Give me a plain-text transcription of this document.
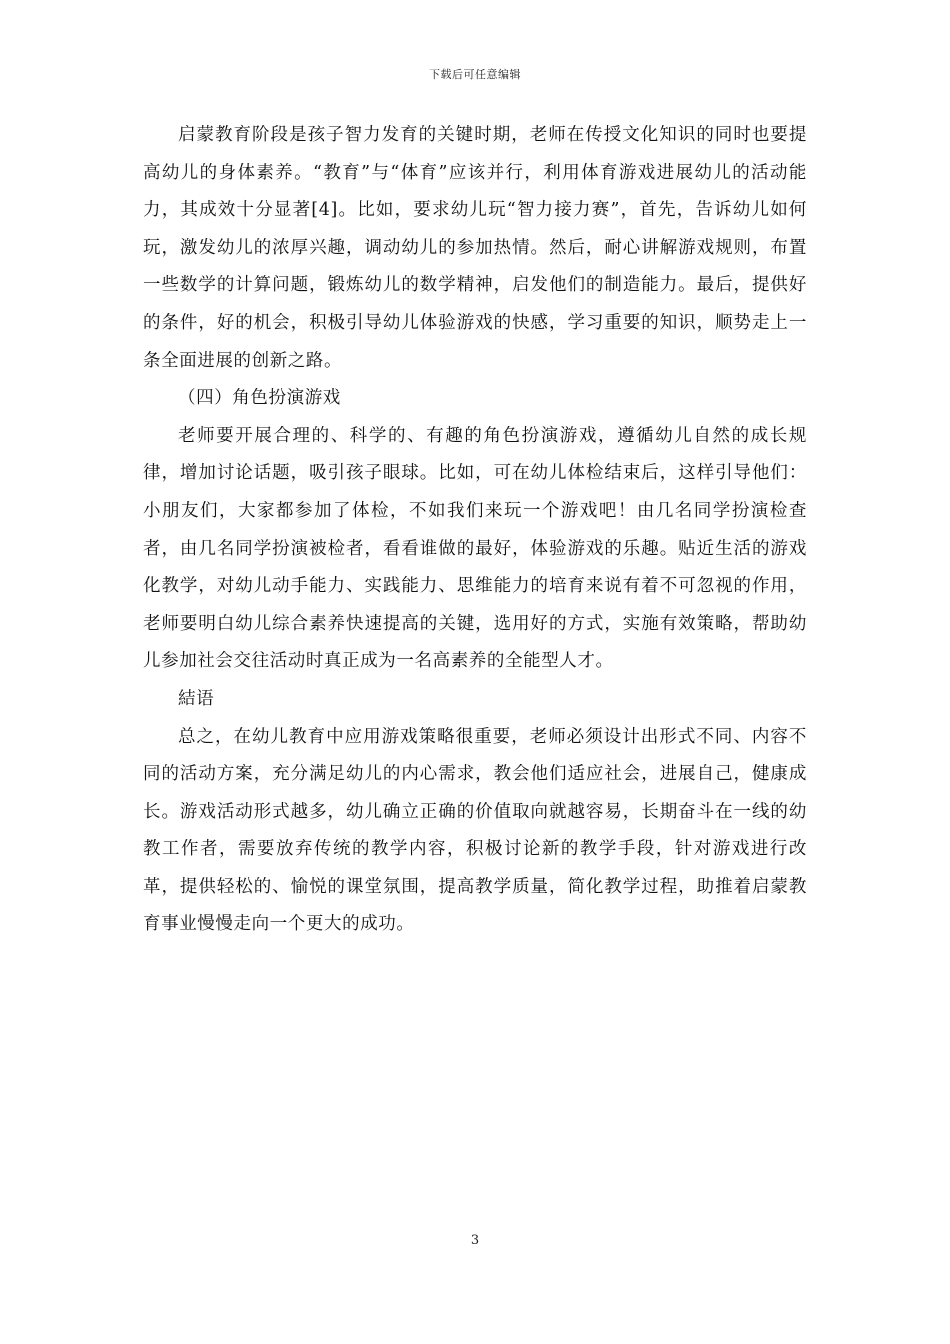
下载后可任意编辑

启蒙教育阶段是孩子智力发育的关键时期，老师在传授文化知识的同时也要提高幼儿的身体素养。“教育”与“体育”应该并行，利用体育游戏进展幼儿的活动能力，其成效十分显著[4]。比如，要求幼儿玩“智力接力赛”，首先，告诉幼儿如何玩，激发幼儿的浓厚兴趣，调动幼儿的参加热情。然后，耐心讲解游戏规则，布置一些数学的计算问题，锻炼幼儿的数学精神，启发他们的制造能力。最后，提供好的条件，好的机会，积极引导幼儿体验游戏的快感，学习重要的知识，顺势走上一条全面进展的创新之路。

（四）角色扮演游戏

老师要开展合理的、科学的、有趣的角色扮演游戏，遵循幼儿自然的成长规律，增加讨论话题，吸引孩子眼球。比如，可在幼儿体检结束后，这样引导他们：小朋友们，大家都参加了体检，不如我们来玩一个游戏吧！由几名同学扮演检查者，由几名同学扮演被检者，看看谁做的最好，体验游戏的乐趣。贴近生活的游戏化教学，对幼儿动手能力、实践能力、思维能力的培育来说有着不可忽视的作用，老师要明白幼儿综合素养快速提高的关键，选用好的方式，实施有效策略，帮助幼儿参加社会交往活动时真正成为一名高素养的全能型人才。

結语

总之，在幼儿教育中应用游戏策略很重要，老师必须设计出形式不同、内容不同的活动方案，充分满足幼儿的内心需求，教会他们适应社会，进展自己，健康成长。游戏活动形式越多，幼儿确立正确的价值取向就越容易，长期奋斗在一线的幼教工作者，需要放弃传统的教学内容，积极讨论新的教学手段，针对游戏进行改革，提供轻松的、愉悦的课堂氛围，提高教学质量，简化教学过程，助推着启蒙教育事业慢慢走向一个更大的成功。

3
